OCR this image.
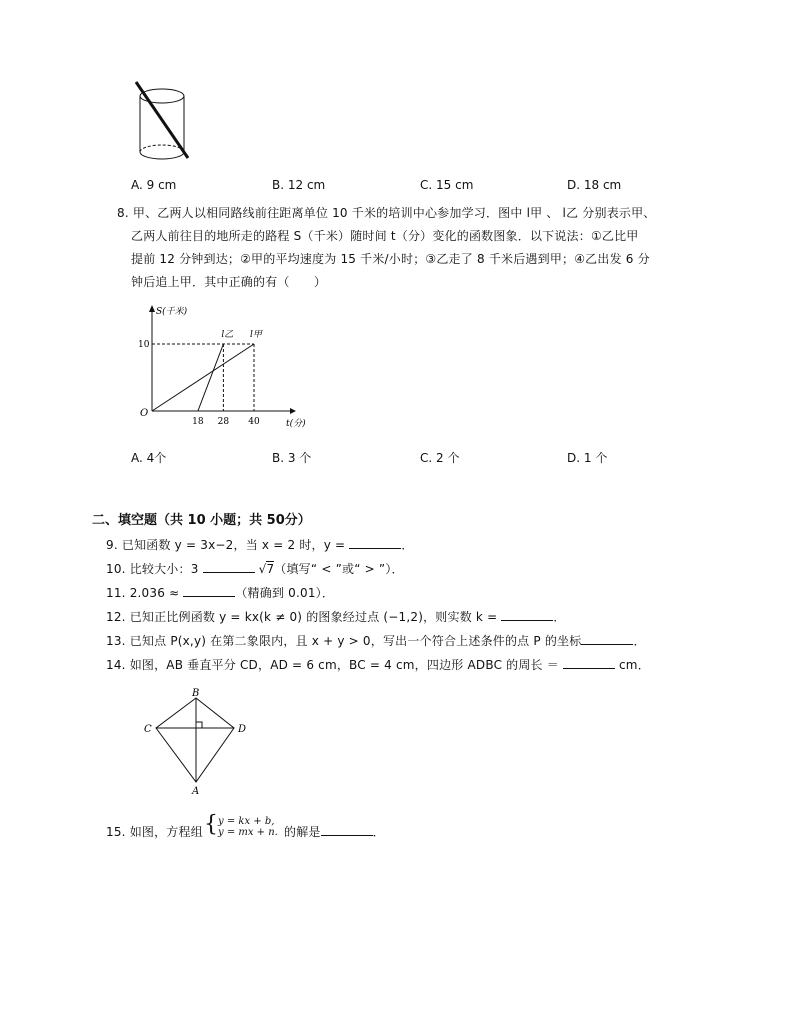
A. 9 cm	B. 12 cm	C. 15 cm	D. 18 cm
8. 甲、乙两人以相同路线前往距离单位 10 千米的培训中心参加学习．图中 l甲 、 l乙 分别表示甲、
乙两人前往目的地所走的路程 S（千米）随时间 t（分）变化的函数图象．以下说法：①乙比甲
提前 12 分钟到达；②甲的平均速度为 15 千米/小时；③乙走了 8 千米后遇到甲；④乙出发 6 分
钟后追上甲．其中正确的有（　　）
S(千米)
t(分)
O
10
18 28 40
l乙 l甲
A. 4个	B. 3 个	C. 2 个	D. 1 个
二、填空题（共 10 小题；共 50分）
9. 已知函数 y = 3x−2，当 x = 2 时，y =	．
10. 比较大小：3	√7（填写“ < ”或“ > ”）．
11. 2.036 ≈	（精确到 0.01）．
12. 已知正比例函数 y = kx(k ≠ 0) 的图象经过点 (−1,2)，则实数 k =	．
13. 已知点 P(x,y) 在第二象限内，且 x + y > 0，写出一个符合上述条件的点 P 的坐标	．
14. 如图，AB 垂直平分 CD，AD = 6 cm，BC = 4 cm，四边形 ADBC 的周长 ＝	cm．
B
C	D
A
15. 如图，方程组 { y = kx + b,
y = mx + n. 的解是	．
